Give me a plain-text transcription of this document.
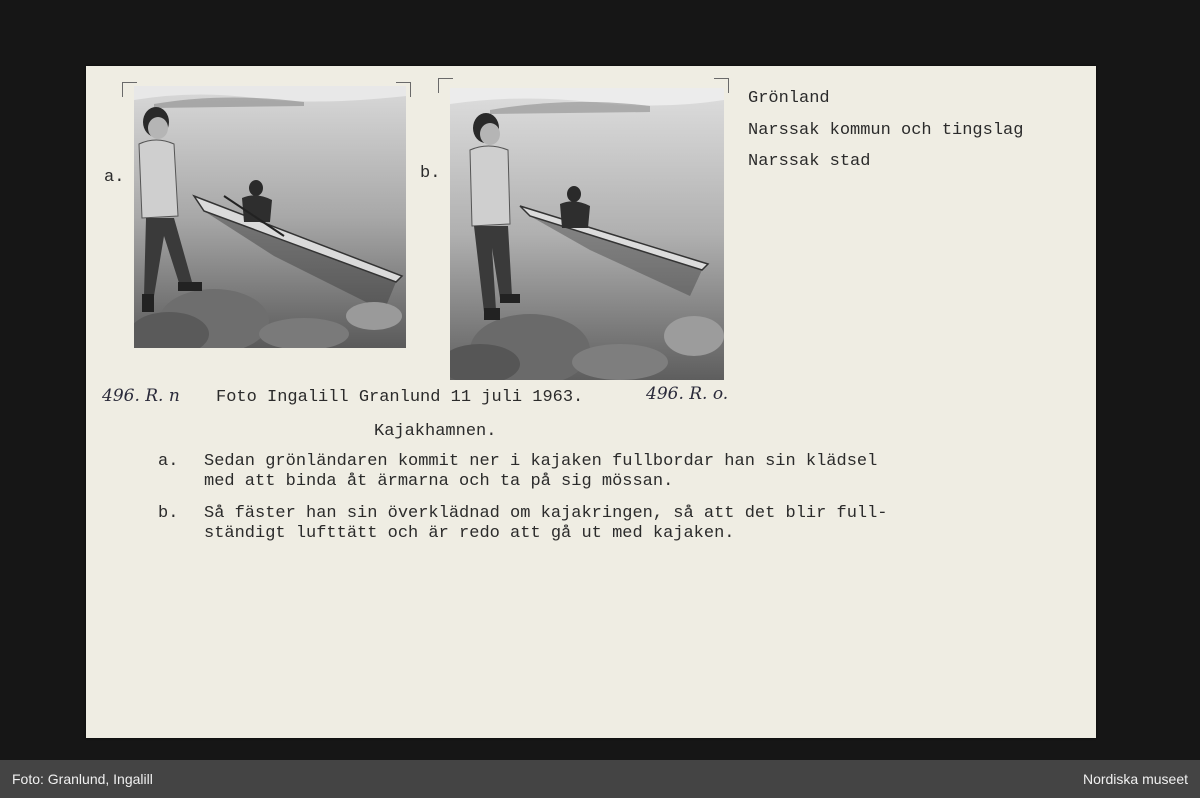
a.	b.
Grönland
Narssak kommun och tingslag
Narssak stad
496. R. n Foto Ingalill Granlund 11 juli 1963.	496. R. o.
Kajakhamnen.
a. Sedan grönländaren kommit ner i kajaken fullbordar han sin klädsel
med att binda åt ärmarna och ta på sig mössan.
b. Så fäster han sin överklädnad om kajakringen, så att det blir full-
ständigt lufttätt och är redo att gå ut med kajaken.
Foto: Granlund, Ingalill	Nordiska museet
